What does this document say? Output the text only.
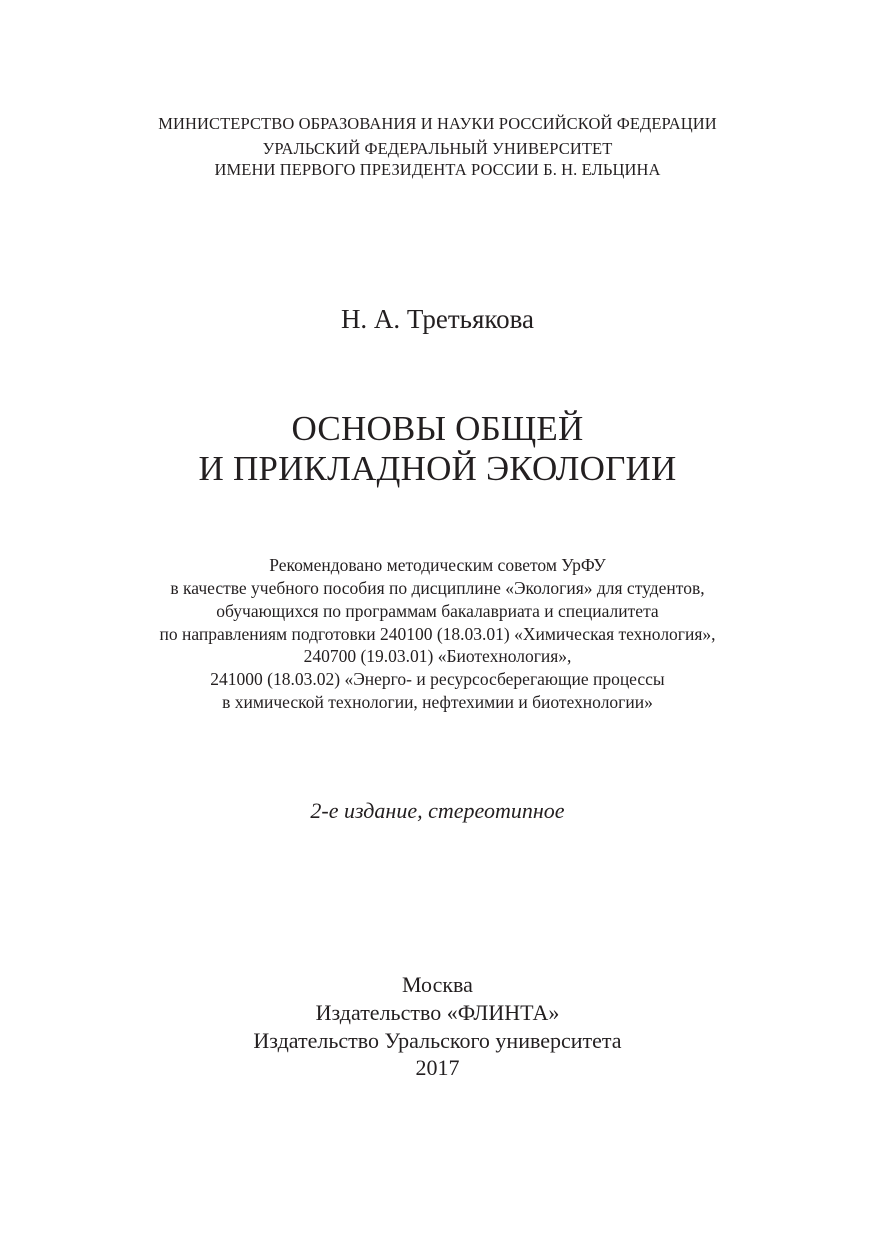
МИНИСТЕРСТВО ОБРАЗОВАНИЯ И НАУКИ РОССИЙСКОЙ ФЕДЕРАЦИИ
УРАЛЬСКИЙ ФЕДЕРАЛЬНЫЙ УНИВЕРСИТЕТ
ИМЕНИ ПЕРВОГО ПРЕЗИДЕНТА РОССИИ Б. Н. ЕЛЬЦИНА
Н. А. Третьякова
ОСНОВЫ ОБЩЕЙ
И ПРИКЛАДНОЙ ЭКОЛОГИИ
Рекомендовано методическим советом УрФУ
в качестве учебного пособия по дисциплине «Экология» для студентов,
обучающихся по программам бакалавриата и специалитета
по направлениям подготовки 240100 (18.03.01) «Химическая технология»,
240700 (19.03.01) «Биотехнология»,
241000 (18.03.02) «Энерго- и ресурсосберегающие процессы
в химической технологии, нефтехимии и биотехнологии»
2-е издание, стереотипное
Москва
Издательство «ФЛИНТА»
Издательство Уральского университета
2017
